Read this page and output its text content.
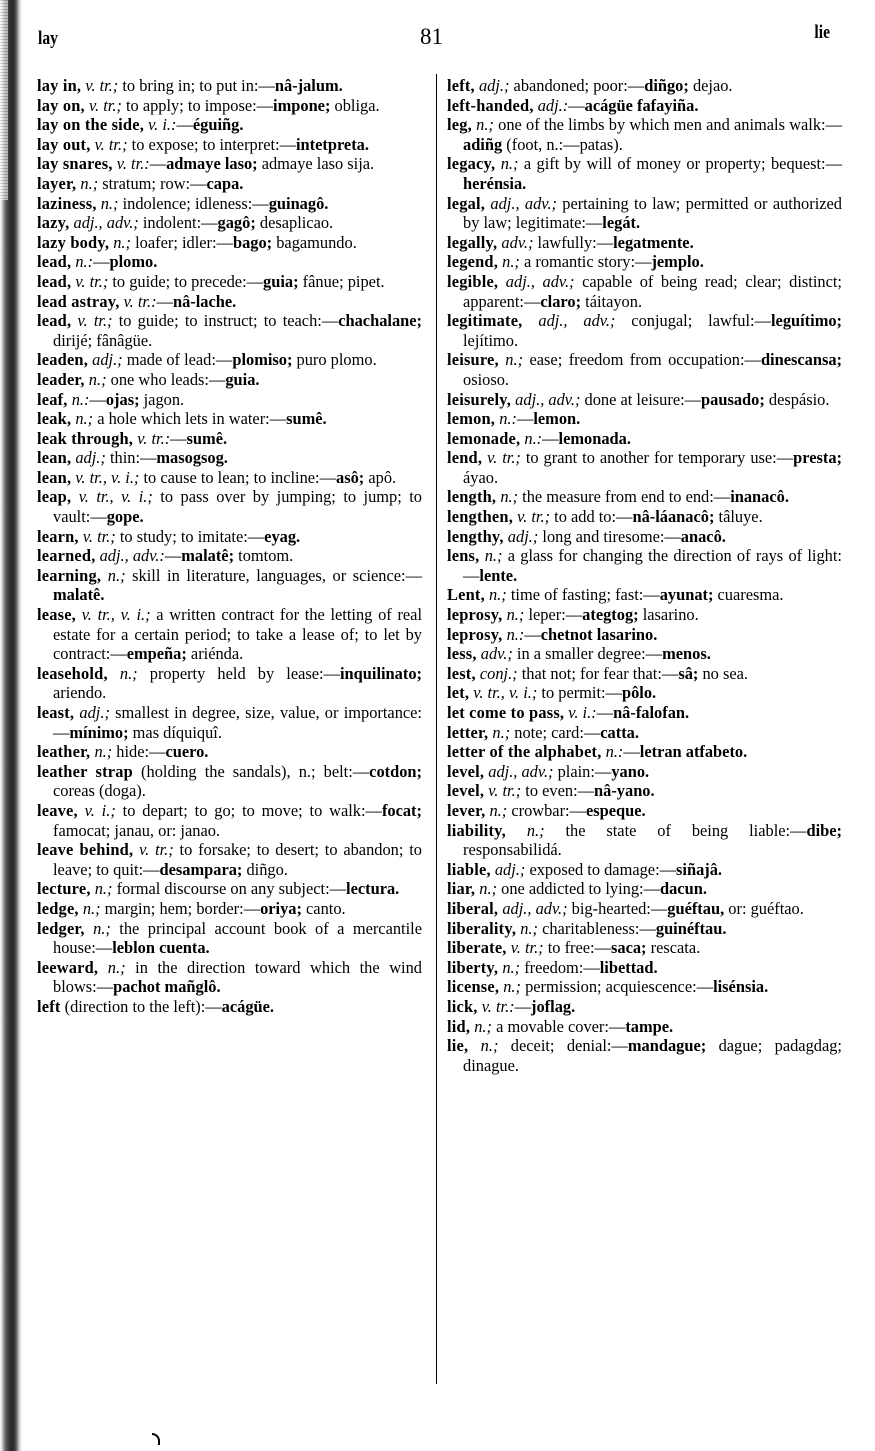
lay	81	lie

lay in, v. tr.; to bring in; to put in:—nâ-jalum.

lay on, v. tr.; to apply; to impose:—impone; obliga.

lay on the side, v. i.:—éguiñg.

lay out, v. tr.; to expose; to interpret:—intetpreta.

lay snares, v. tr.:—admaye laso; admaye laso sija.

layer, n.; stratum; row:—capa.

laziness, n.; indolence; idleness:—guinagô.

lazy, adj., adv.; indolent:—gagô; desaplicao.

lazy body, n.; loafer; idler:—bago; bagamundo.

lead, n.:—plomo.

lead, v. tr.; to guide; to precede:—guia; fânue; pipet.

lead astray, v. tr.:—nâ-lache.

lead, v. tr.; to guide; to instruct; to teach:—chachalane; dirijé; fânâgüe.

leaden, adj.; made of lead:—plomiso; puro plomo.

leader, n.; one who leads:—guia.

leaf, n.:—ojas; jagon.

leak, n.; a hole which lets in water:—sumê.

leak through, v. tr.:—sumê.

lean, adj.; thin:—masogsog.

lean, v. tr., v. i.; to cause to lean; to incline:—asô; apô.

leap, v. tr., v. i.; to pass over by jumping; to jump; to vault:—gope.

learn, v. tr.; to study; to imitate:—eyag.

learned, adj., adv.:—malatê; tomtom.

learning, n.; skill in literature, languages, or science:—malatê.

lease, v. tr., v. i.; a written contract for the letting of real estate for a certain period; to take a lease of; to let by contract:—empeña; ariénda.

leasehold, n.; property held by lease:—inquilinato; ariendo.

least, adj.; smallest in degree, size, value, or importance:—mínimo; mas díquiquî.

leather, n.; hide:—cuero.

leather strap (holding the sandals), n.; belt:—cotdon; coreas (doga).

leave, v. i.; to depart; to go; to move; to walk:—focat; famocat; janau, or: janao.

leave behind, v. tr.; to forsake; to desert; to abandon; to leave; to quit:—desampara; diñgo.

lecture, n.; formal discourse on any subject:—lectura.

ledge, n.; margin; hem; border:—oriya; canto.

ledger, n.; the principal account book of a mercantile house:—leblon cuenta.

leeward, n.; in the direction toward which the wind blows:—pachot mañglô.

left (direction to the left):—acágüe.

left, adj.; abandoned; poor:—diñgo; dejao.

left-handed, adj.:—acágüe fafayiña.

leg, n.; one of the limbs by which men and animals walk:—adiñg (foot, n.:—patas).

legacy, n.; a gift by will of money or property; bequest:—herénsia.

legal, adj., adv.; pertaining to law; permitted or authorized by law; legitimate:—legát.

legally, adv.; lawfully:—legatmente.

legend, n.; a romantic story:—jemplo.

legible, adj., adv.; capable of being read; clear; distinct; apparent:—claro; táitayon.

legitimate, adj., adv.; conjugal; lawful:—leguítimo; lejítimo.

leisure, n.; ease; freedom from occupation:—dinescansa; osioso.

leisurely, adj., adv.; done at leisure:—pausado; despásio.

lemon, n.:—lemon.

lemonade, n.:—lemonada.

lend, v. tr.; to grant to another for temporary use:—presta; áyao.

length, n.; the measure from end to end:—inanacô.

lengthen, v. tr.; to add to:—nâ-láanacô; tâluye.

lengthy, adj.; long and tiresome:—anacô.

lens, n.; a glass for changing the direction of rays of light:—lente.

Lent, n.; time of fasting; fast:—ayunat; cuaresma.

leprosy, n.; leper:—ategtog; lasarino.

leprosy, n.:—chetnot lasarino.

less, adv.; in a smaller degree:—menos.

lest, conj.; that not; for fear that:—sâ; no sea.

let, v. tr., v. i.; to permit:—pôlo.

let come to pass, v. i.:—nâ-falofan.

letter, n.; note; card:—catta.

letter of the alphabet, n.:—letran atfabeto.

level, adj., adv.; plain:—yano.

level, v. tr.; to even:—nâ-yano.

lever, n.; crowbar:—espeque.

liability, n.; the state of being liable:—dibe; responsabilidá.

liable, adj.; exposed to damage:—siñajâ.

liar, n.; one addicted to lying:—dacun.

liberal, adj., adv.; big-hearted:—guéftau, or: guéftao.

liberality, n.; charitableness:—guinéftau.

liberate, v. tr.; to free:—saca; rescata.

liberty, n.; freedom:—libettad.

license, n.; permission; acquiescence:—lisénsia.

lick, v. tr.:—joflag.

lid, n.; a movable cover:—tampe.

lie, n.; deceit; denial:—mandague; dague; padagdag; dinague.
